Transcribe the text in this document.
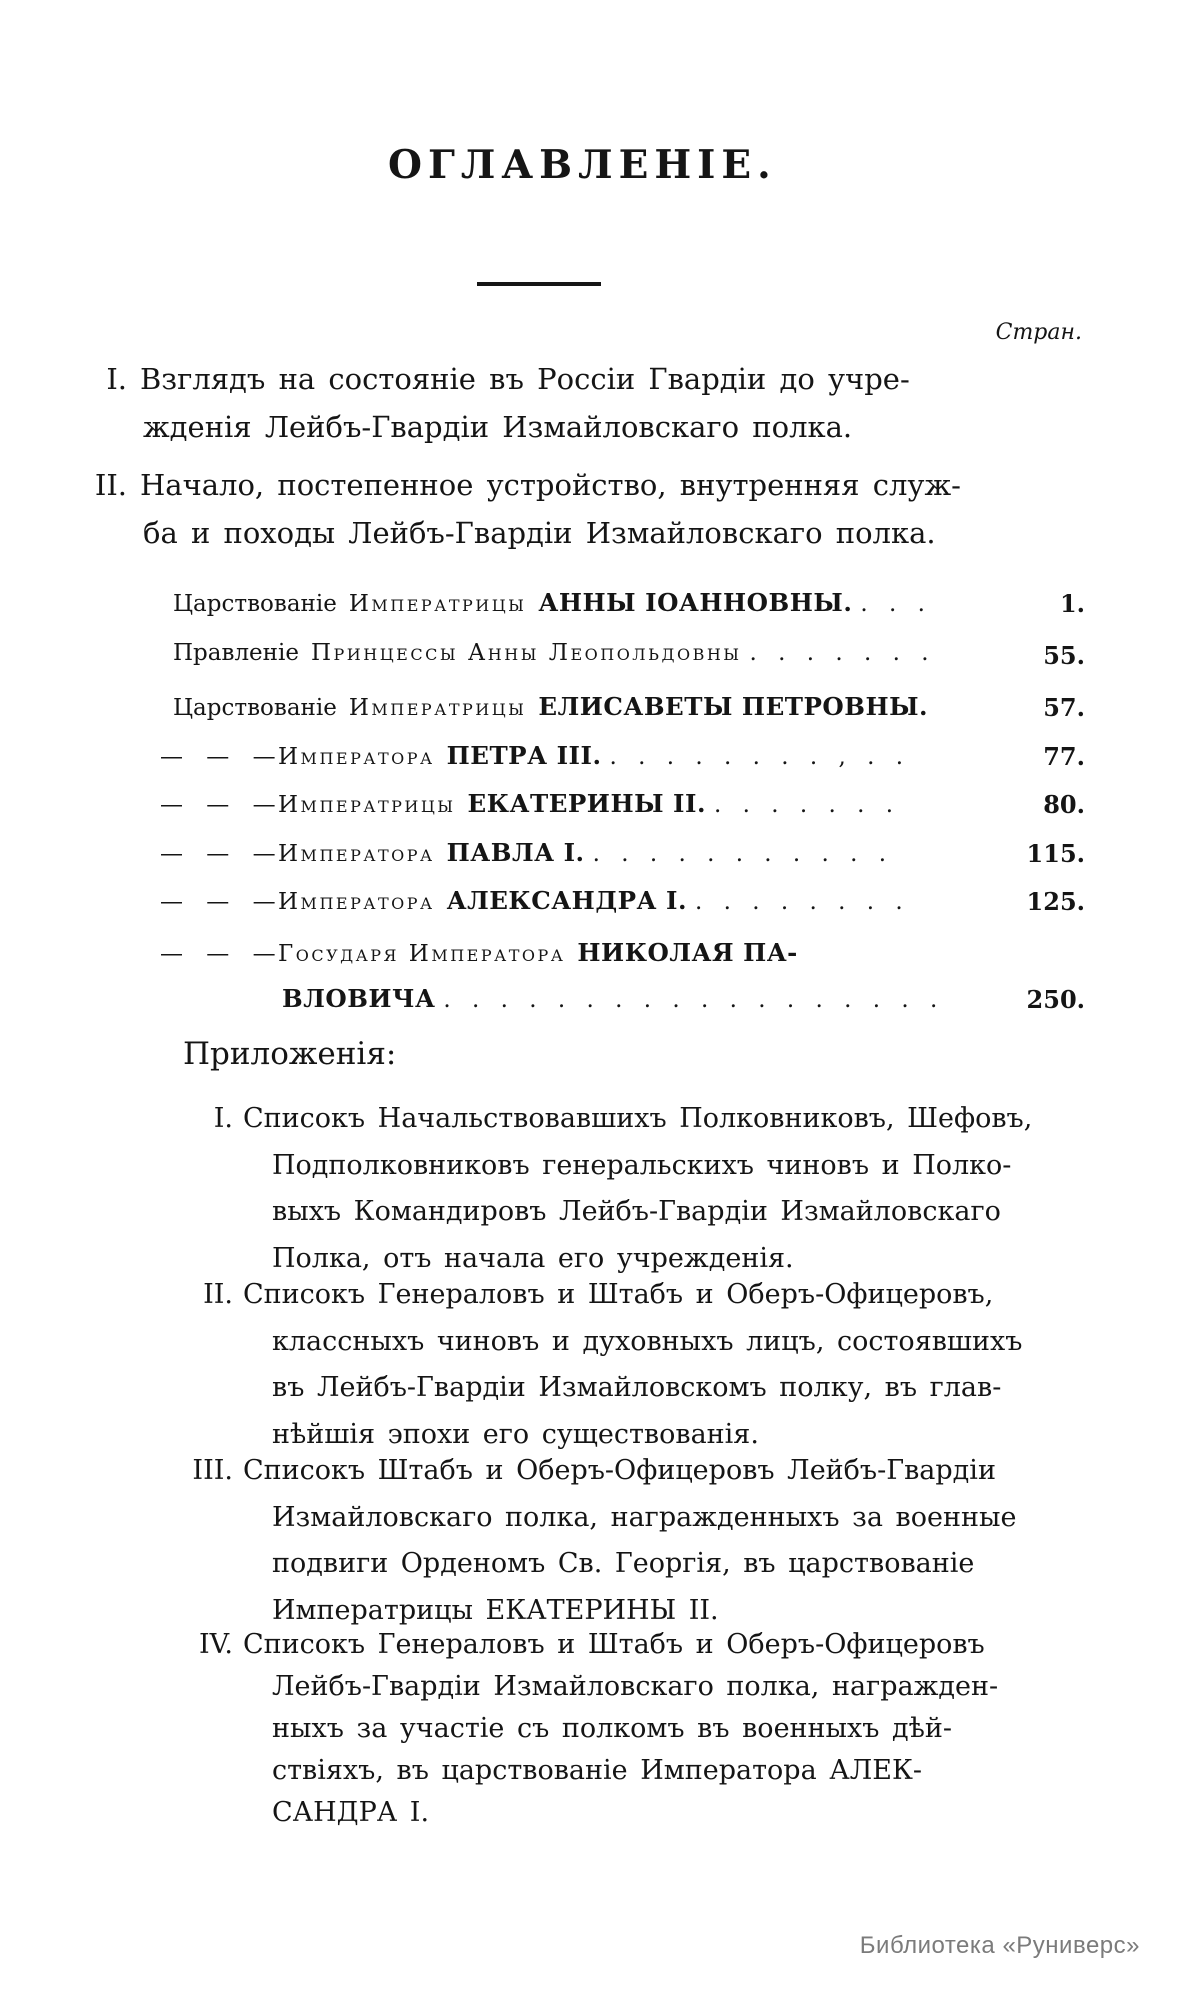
ОГЛАВЛЕНІЕ.
Стран.
I. Взглядъ на состояніе въ Россіи Гвардіи до учре-
жденія Лейбъ-Гвардіи Измайловскаго полка.
II. Начало, постепенное устройство, внутренняя служ-
ба и походы Лейбъ-Гвардіи Измайловскаго полка.
Царствованіе Императрицы АННЫ ІОАННОВНЫ. . . .	1.
Правленіе Принцессы Анны Леопольдовны . . . . . . .	55.
Царствованіе Императрицы ЕЛИСАВЕТЫ ПЕТРОВНЫ.	57.
— — —Императора ПЕТРА III. . . . . . . . . , . .	77.
— — —Императрицы ЕКАТЕРИНЫ II. . . . . . . .	80.
— — —Императора ПАВЛА I. . . . . . . . . . . .	115.
— — —Императора АЛЕКСАНДРА I. . . . . . . . .	125.
— — —Государя Императора НИКОЛАЯ ПА-
ВЛОВИЧА . . . . . . . . . . . . . . . . . .	250.
Приложенія:
I. Списокъ Начальствовавшихъ Полковниковъ, Шефовъ,
Подполковниковъ генеральскихъ чиновъ и Полко-
выхъ Командировъ Лейбъ-Гвардіи Измайловскаго
Полка, отъ начала его учрежденія.
II. Списокъ Генераловъ и Штабъ и Оберъ-Офицеровъ,
классныхъ чиновъ и духовныхъ лицъ, состоявшихъ
въ Лейбъ-Гвардіи Измайловскомъ полку, въ глав-
нѣйшія эпохи его существованія.
III. Списокъ Штабъ и Оберъ-Офицеровъ Лейбъ-Гвардіи
Измайловскаго полка, награжденныхъ за военные
подвиги Орденомъ Св. Георгія, въ царствованіе
Императрицы ЕКАТЕРИНЫ II.
IV. Списокъ Генераловъ и Штабъ и Оберъ-Офицеровъ
Лейбъ-Гвардіи Измайловскаго полка, награжден-
ныхъ за участіе съ полкомъ въ военныхъ дѣй-
ствіяхъ, въ царствованіе Императора АЛЕК-
САНДРА I.
Библиотека «Руниверс»
